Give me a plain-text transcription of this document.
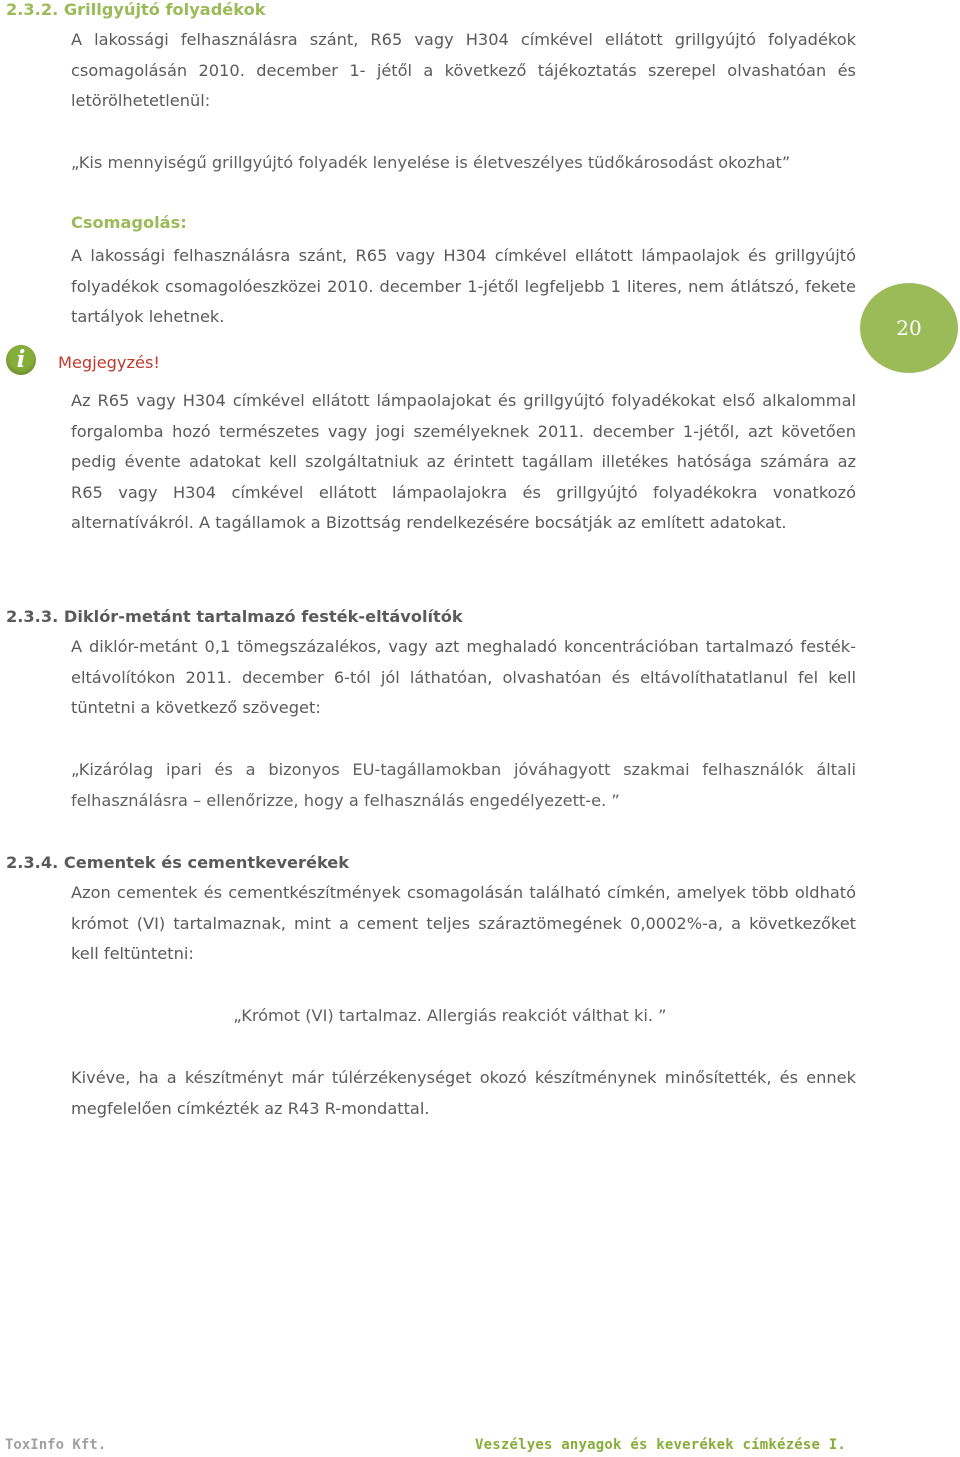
2.3.2. Grillgyújtó folyadékok

A lakossági felhasználásra szánt, R65 vagy H304 címkével ellátott grillgyújtó folyadékok csomagolásán 2010. december 1- jétől a következő tájékoztatás szerepel olvashatóan és letörölhetetlenül:

„Kis mennyiségű grillgyújtó folyadék lenyelése is életveszélyes tüdőkárosodást okozhat”

Csomagolás:

A lakossági felhasználásra szánt, R65 vagy H304 címkével ellátott lámpaolajok és grillgyújtó folyadékok csomagolóeszközei 2010. december 1-jétől legfeljebb 1 literes, nem átlátszó, fekete tartályok lehetnek.

i	Megjegyzés!

20

Az R65 vagy H304 címkével ellátott lámpaolajokat és grillgyújtó folyadékokat első alkalommal forgalomba hozó természetes vagy jogi személyeknek 2011. december 1-jétől, azt követően pedig évente adatokat kell szolgáltatniuk az érintett tagállam illetékes hatósága számára az R65 vagy H304 címkével ellátott lámpaolajokra és grillgyújtó folyadékokra vonatkozó alternatívákról. A tagállamok a Bizottság rendelkezésére bocsátják az említett adatokat.

2.3.3. Diklór-metánt tartalmazó festék-eltávolítók

A diklór-metánt 0,1 tömegszázalékos, vagy azt meghaladó koncentrációban tartalmazó festék-eltávolítókon 2011. december 6-tól jól láthatóan, olvashatóan és eltávolíthatatlanul fel kell tüntetni a következő szöveget:

„Kizárólag ipari és a bizonyos EU-tagállamokban jóváhagyott szakmai felhasználók általi felhasználásra – ellenőrizze, hogy a felhasználás engedélyezett-e. ”

2.3.4. Cementek és cementkeverékek

Azon cementek és cementkészítmények csomagolásán található címkén, amelyek több oldható krómot (VI) tartalmaznak, mint a cement teljes száraztömegének 0,0002%-a, a következőket kell feltüntetni:

„Krómot (VI) tartalmaz. Allergiás reakciót válthat ki. ”

Kivéve, ha a készítményt már túlérzékenységet okozó készítménynek minősítették, és ennek megfelelően címkézték az R43 R-mondattal.

ToxInfo Kft.	Veszélyes anyagok és keverékek címkézése I.
